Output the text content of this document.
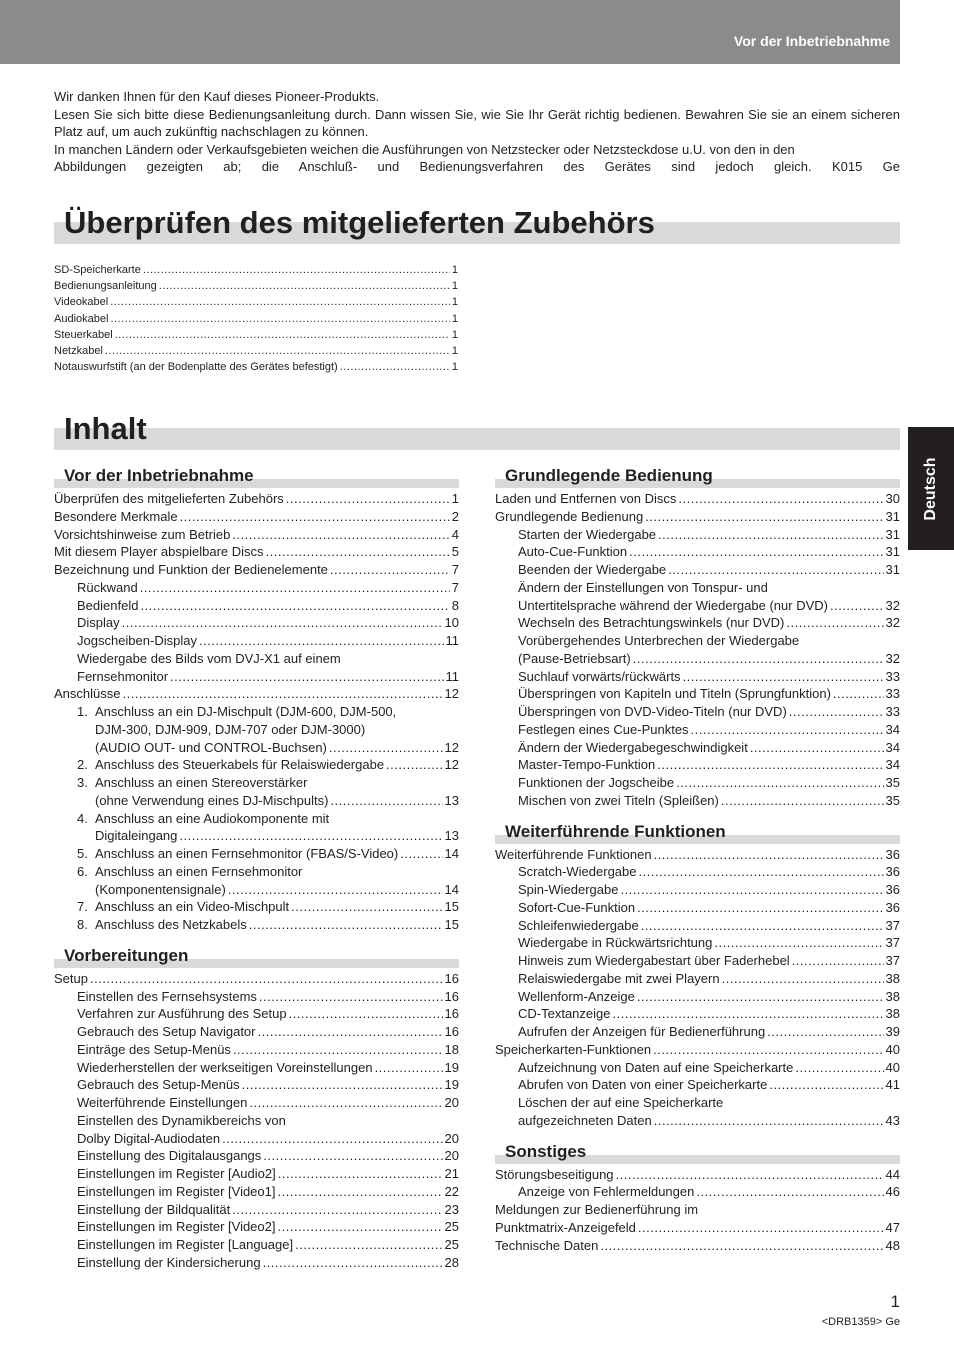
Vor der Inbetriebnahme

Wir danken Ihnen für den Kauf dieses Pioneer-Produkts.

Lesen Sie sich bitte diese Bedienungsanleitung durch. Dann wissen Sie, wie Sie Ihr Gerät richtig bedienen. Bewahren Sie sie an einem sicheren Platz auf, um auch zukünftig nachschlagen zu können.

In manchen Ländern oder Verkaufsgebieten weichen die Ausführungen von Netzstecker oder Netzsteckdose u.U. von den in den

Abbildungen gezeigten ab; die Anschluß- und Bedienungsverfahren des Gerätes sind jedoch gleich. K015 Ge

Überprüfen des mitgelieferten Zubehörs
SD-Speicherkarte .....	1
Bedienungsanleitung .....	1
Videokabel .....	1
Audiokabel .....	1
Steuerkabel .....	1
Netzkabel .....	1
Notauswurfstift (an der Bodenplatte des Gerätes befestigt) .....	1
Inhalt
Vor der Inbetriebnahme
Überprüfen des mitgelieferten Zubehörs .....	1
Besondere Merkmale .....	2
Vorsichtshinweise zum Betrieb .....	4
Mit diesem Player abspielbare Discs .....	5
Bezeichnung und Funktion der Bedienelemente .....	7
Rückwand .....	7
Bedienfeld .....	8
Display .....	10
Jogscheiben-Display .....	11
Wiedergabe des Bilds vom DVJ-X1 auf einem
Fernsehmonitor .....	11
Anschlüsse .....	12
1. Anschluss an ein DJ-Mischpult (DJM-600, DJM-500,
DJM-300, DJM-909, DJM-707 oder DJM-3000)
(AUDIO OUT- und CONTROL-Buchsen) .....	12
2. Anschluss des Steuerkabels für Relaiswiedergabe .....	12
3. Anschluss an einen Stereoverstärker
(ohne Verwendung eines DJ-Mischpults) .....	13
4. Anschluss an eine Audiokomponente mit
Digitaleingang .....	13
5. Anschluss an einen Fernsehmonitor (FBAS/S-Video) .....	14
6. Anschluss an einen Fernsehmonitor
(Komponentensignale) .....	14
7. Anschluss an ein Video-Mischpult .....	15
8. Anschluss des Netzkabels .....	15
Vorbereitungen
Setup .....	16
Einstellen des Fernsehsystems .....	16
Verfahren zur Ausführung des Setup .....	16
Gebrauch des Setup Navigator .....	16
Einträge des Setup-Menüs .....	18
Wiederherstellen der werkseitigen Voreinstellungen .....	19
Gebrauch des Setup-Menüs .....	19
Weiterführende Einstellungen .....	20
Einstellen des Dynamikbereichs von
Dolby Digital-Audiodaten .....	20
Einstellung des Digitalausgangs .....	20
Einstellungen im Register [Audio2] .....	21
Einstellungen im Register [Video1] .....	22
Einstellung der Bildqualität .....	23
Einstellungen im Register [Video2] .....	25
Einstellungen im Register [Language] .....	25
Einstellung der Kindersicherung .....	28
Grundlegende Bedienung
Laden und Entfernen von Discs .....	30
Grundlegende Bedienung .....	31
Starten der Wiedergabe .....	31
Auto-Cue-Funktion .....	31
Beenden der Wiedergabe .....	31
Ändern der Einstellungen von Tonspur- und
Untertitelsprache während der Wiedergabe (nur DVD) .....	32
Wechseln des Betrachtungswinkels (nur DVD) .....	32
Vorübergehendes Unterbrechen der Wiedergabe
(Pause-Betriebsart) .....	32
Suchlauf vorwärts/rückwärts .....	33
Überspringen von Kapiteln und Titeln (Sprungfunktion) .....	33
Überspringen von DVD-Video-Titeln (nur DVD) .....	33
Festlegen eines Cue-Punktes .....	34
Ändern der Wiedergabegeschwindigkeit .....	34
Master-Tempo-Funktion .....	34
Funktionen der Jogscheibe .....	35
Mischen von zwei Titeln (Spleißen) .....	35
Weiterführende Funktionen
Weiterführende Funktionen .....	36
Scratch-Wiedergabe .....	36
Spin-Wiedergabe .....	36
Sofort-Cue-Funktion .....	36
Schleifenwiedergabe .....	37
Wiedergabe in Rückwärtsrichtung .....	37
Hinweis zum Wiedergabestart über Faderhebel .....	37
Relaiswiedergabe mit zwei Playern .....	38
Wellenform-Anzeige .....	38
CD-Textanzeige .....	38
Aufrufen der Anzeigen für Bedienerführung .....	39
Speicherkarten-Funktionen .....	40
Aufzeichnung von Daten auf eine Speicherkarte .....	40
Abrufen von Daten von einer Speicherkarte .....	41
Löschen der auf eine Speicherkarte
aufgezeichneten Daten .....	43
Sonstiges
Störungsbeseitigung .....	44
Anzeige von Fehlermeldungen .....	46
Meldungen zur Bedienerführung im
Punktmatrix-Anzeigefeld .....	47
Technische Daten .....	48
Deutsch
1
<DRB1359> Ge
